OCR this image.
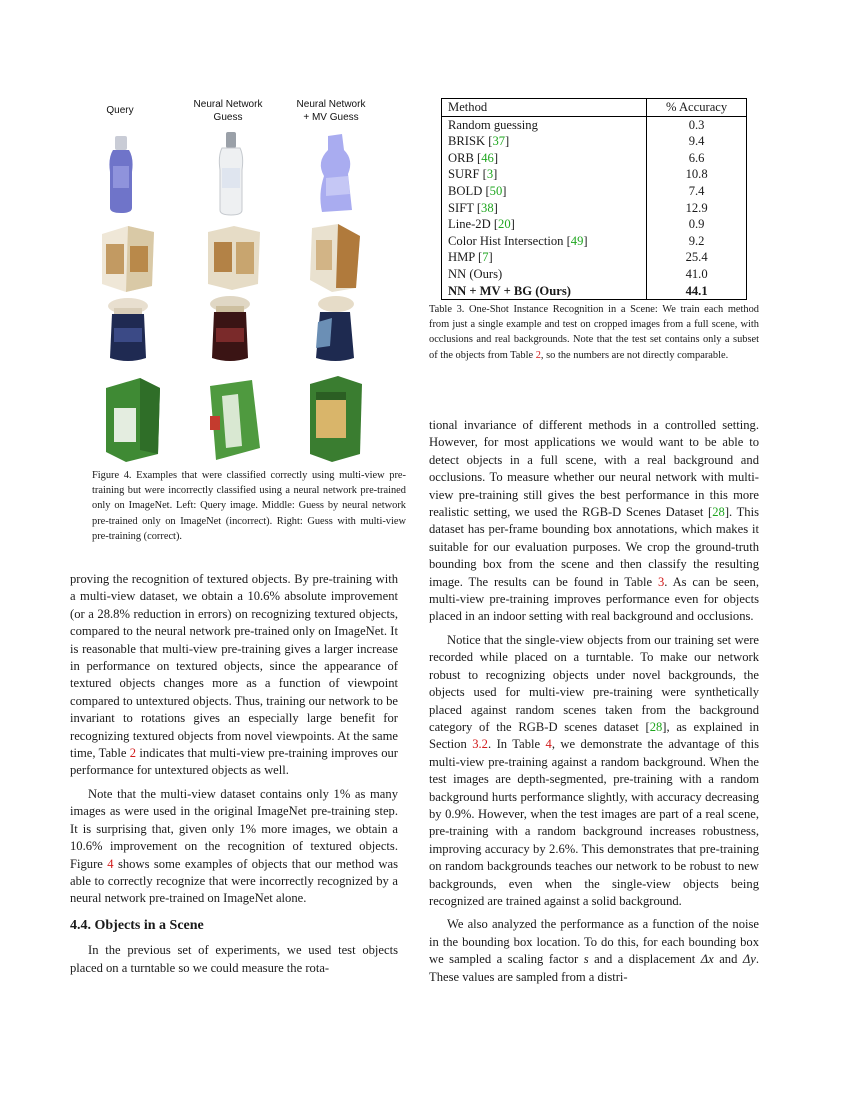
Query
Neural Network
Guess
Neural Network
+ MV Guess
Figure 4. Examples that were classified correctly using multi-view pre-training but were incorrectly classified using a neural network pre-trained only on ImageNet. Left: Query image. Middle: Guess by neural network pre-trained only on ImageNet (incorrect). Right: Guess with multi-view pre-training (correct).
Method	% Accuracy
Random guessing	0.3
BRISK [37]	9.4
ORB [46]	6.6
SURF [3]	10.8
BOLD [50]	7.4
SIFT [38]	12.9
Line-2D [20]	0.9
Color Hist Intersection [49]	9.2
HMP [7]	25.4
NN (Ours)	41.0
NN + MV + BG (Ours)	44.1
Table 3. One-Shot Instance Recognition in a Scene: We train each method from just a single example and test on cropped images from a full scene, with occlusions and real backgrounds. Note that the test set contains only a subset of the objects from Table 2, so the numbers are not directly comparable.

proving the recognition of textured objects. By pre-training with a multi-view dataset, we obtain a 10.6% absolute improvement (or a 28.8% reduction in errors) on recognizing textured objects, compared to the neural network pre-trained only on ImageNet. It is reasonable that multi-view pre-training gives a larger increase in performance on textured objects, since the appearance of textured objects changes more as a function of viewpoint compared to untextured objects. Thus, training our network to be invariant to rotations gives an especially large benefit for recognizing textured objects from novel viewpoints. At the same time, Table 2 indicates that multi-view pre-training improves our performance for untextured objects as well.

Note that the multi-view dataset contains only 1% as many images as were used in the original ImageNet pre-training step. It is surprising that, given only 1% more images, we obtain a 10.6% improvement on the recognition of textured objects. Figure 4 shows some examples of objects that our method was able to correctly recognize that were incorrectly recognized by a neural network pre-trained on ImageNet alone.

4.4. Objects in a Scene

In the previous set of experiments, we used test objects placed on a turntable so we could measure the rota-

tional invariance of different methods in a controlled setting. However, for most applications we would want to be able to detect objects in a full scene, with a real background and occlusions. To measure whether our neural network with multi-view pre-training still gives the best performance in this more realistic setting, we used the RGB-D Scenes Dataset [28]. This dataset has per-frame bounding box annotations, which makes it suitable for our evaluation purposes. We crop the ground-truth bounding box from the scene and then classify the resulting image. The results can be found in Table 3. As can be seen, multi-view pre-training improves performance even for objects placed in an indoor setting with real background and occlusions.

Notice that the single-view objects from our training set were recorded while placed on a turntable. To make our network robust to recognizing objects under novel backgrounds, the objects used for multi-view pre-training were synthetically placed against random scenes taken from the background category of the RGB-D scenes dataset [28], as explained in Section 3.2. In Table 4, we demonstrate the advantage of this multi-view pre-training against a random background. When the test images are depth-segmented, pre-training with a random background hurts performance slightly, with accuracy decreasing by 0.9%. However, when the test images are part of a real scene, pre-training with a random background increases robustness, improving accuracy by 2.6%. This demonstrates that pre-training on random backgrounds teaches our network to be robust to new backgrounds, even when the single-view objects being recognized are trained against a solid background.

We also analyzed the performance as a function of the noise in the bounding box location. To do this, for each bounding box we sampled a scaling factor s and a displacement Δx and Δy. These values are sampled from a distri-
